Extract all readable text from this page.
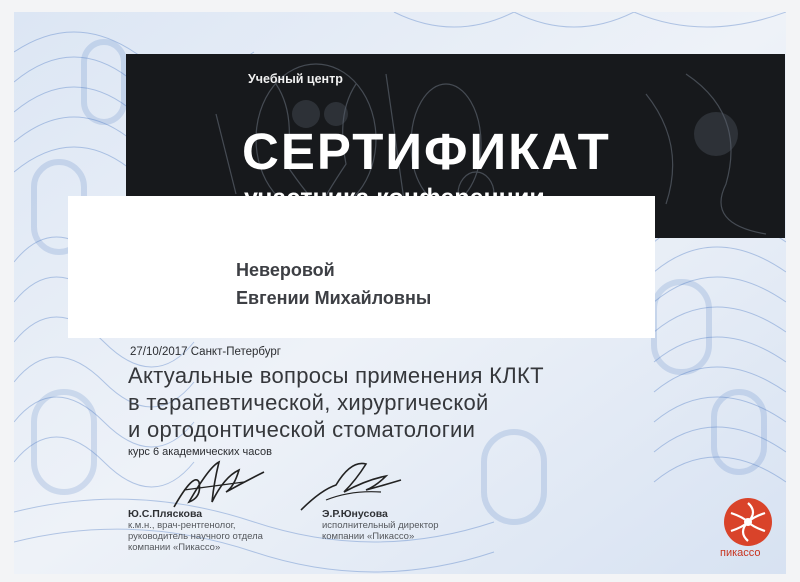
Учебный центр
СЕРТИФИКАТ
Неверовой
Евгении Михайловны
27/10/2017 Санкт-Петербург
Актуальные вопросы применения КЛКТ
в терапевтической, хирургической
и ортодонтической стоматологии
курс 6 академических часов
Ю.С.Пляскова
к.м.н., врач-рентгенолог,
руководитель научного отдела
компании «Пикассо»
Э.Р.Юнусова
исполнительный директор
компании «Пикассо»
пикассо
